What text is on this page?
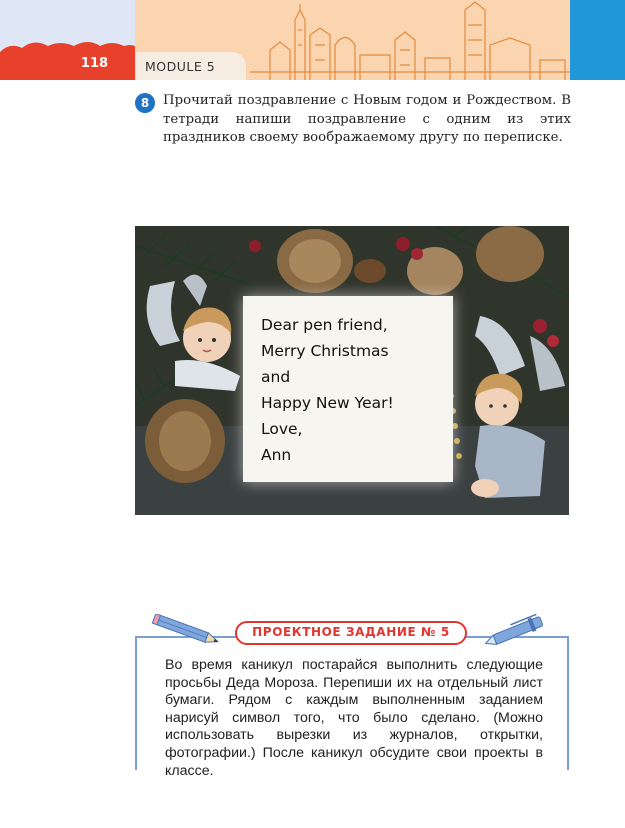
118	MODULE 5
8	Прочитай поздравление с Новым годом и Рождеством. В тетради напиши поздравление с одним из этих праздников своему воображаемому другу по переписке.
Dear pen friend,
Merry Christmas
and
Happy New Year!
Love,
Ann
ПРОЕКТНОЕ ЗАДАНИЕ № 5
Во время каникул постарайся выполнить следующие просьбы Деда Мороза. Перепиши их на отдельный лист бумаги. Рядом с каждым выполненным заданием нарисуй символ того, что было сделано. (Можно использовать вырезки из журналов, открытки, фотографии.) После каникул обсудите свои проекты в классе.
